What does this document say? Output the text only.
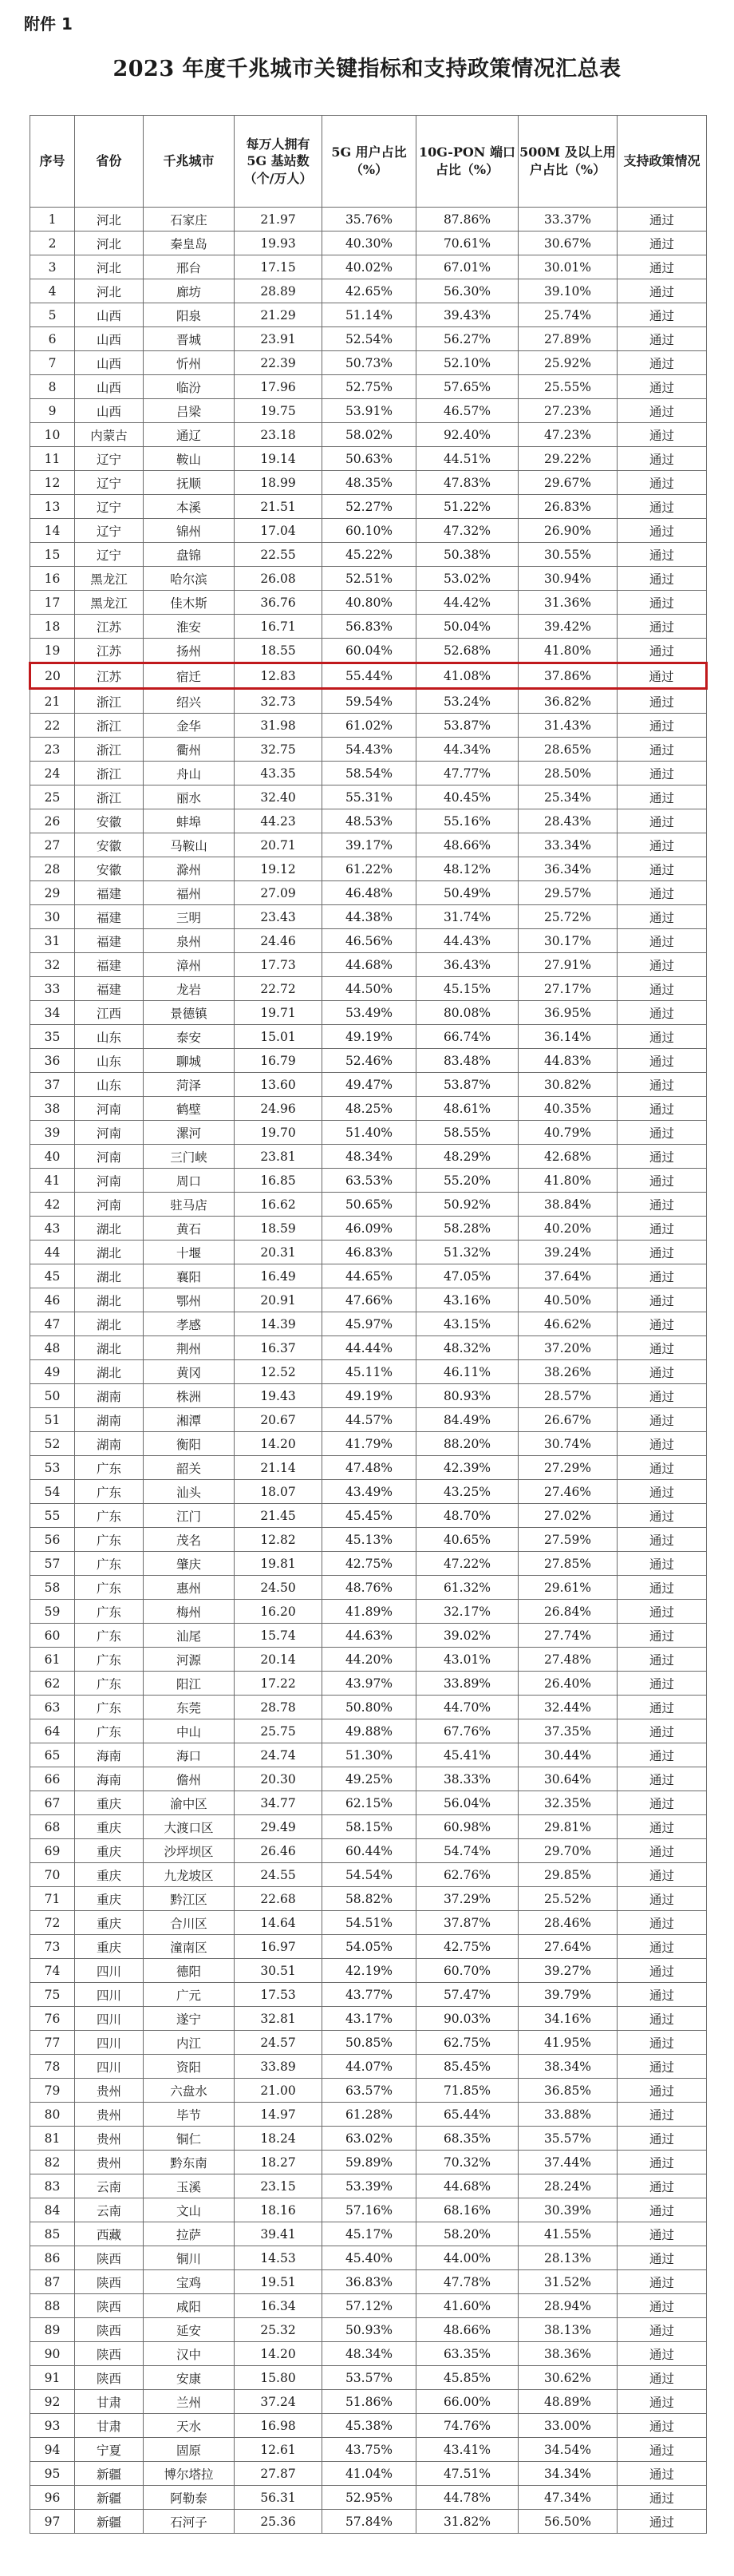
附件 1
2023 年度千兆城市关键指标和支持政策情况汇总表
序号	省份	千兆城市	每万人拥有 5G 基站数（个/万人）	5G 用户占比（%）	10G-PON 端口占比（%）	500M 及以上用户占比（%）	支持政策情况
1	河北	石家庄	21.97	35.76%	87.86%	33.37%	通过
2	河北	秦皇岛	19.93	40.30%	70.61%	30.67%	通过
3	河北	邢台	17.15	40.02%	67.01%	30.01%	通过
4	河北	廊坊	28.89	42.65%	56.30%	39.10%	通过
5	山西	阳泉	21.29	51.14%	39.43%	25.74%	通过
6	山西	晋城	23.91	52.54%	56.27%	27.89%	通过
7	山西	忻州	22.39	50.73%	52.10%	25.92%	通过
8	山西	临汾	17.96	52.75%	57.65%	25.55%	通过
9	山西	吕梁	19.75	53.91%	46.57%	27.23%	通过
10	内蒙古	通辽	23.18	58.02%	92.40%	47.23%	通过
11	辽宁	鞍山	19.14	50.63%	44.51%	29.22%	通过
12	辽宁	抚顺	18.99	48.35%	47.83%	29.67%	通过
13	辽宁	本溪	21.51	52.27%	51.22%	26.83%	通过
14	辽宁	锦州	17.04	60.10%	47.32%	26.90%	通过
15	辽宁	盘锦	22.55	45.22%	50.38%	30.55%	通过
16	黑龙江	哈尔滨	26.08	52.51%	53.02%	30.94%	通过
17	黑龙江	佳木斯	36.76	40.80%	44.42%	31.36%	通过
18	江苏	淮安	16.71	56.83%	50.04%	39.42%	通过
19	江苏	扬州	18.55	60.04%	52.68%	41.80%	通过
20	江苏	宿迁	12.83	55.44%	41.08%	37.86%	通过
21	浙江	绍兴	32.73	59.54%	53.24%	36.82%	通过
22	浙江	金华	31.98	61.02%	53.87%	31.43%	通过
23	浙江	衢州	32.75	54.43%	44.34%	28.65%	通过
24	浙江	舟山	43.35	58.54%	47.77%	28.50%	通过
25	浙江	丽水	32.40	55.31%	40.45%	25.34%	通过
26	安徽	蚌埠	44.23	48.53%	55.16%	28.43%	通过
27	安徽	马鞍山	20.71	39.17%	48.66%	33.34%	通过
28	安徽	滁州	19.12	61.22%	48.12%	36.34%	通过
29	福建	福州	27.09	46.48%	50.49%	29.57%	通过
30	福建	三明	23.43	44.38%	31.74%	25.72%	通过
31	福建	泉州	24.46	46.56%	44.43%	30.17%	通过
32	福建	漳州	17.73	44.68%	36.43%	27.91%	通过
33	福建	龙岩	22.72	44.50%	45.15%	27.17%	通过
34	江西	景德镇	19.71	53.49%	80.08%	36.95%	通过
35	山东	泰安	15.01	49.19%	66.74%	36.14%	通过
36	山东	聊城	16.79	52.46%	83.48%	44.83%	通过
37	山东	菏泽	13.60	49.47%	53.87%	30.82%	通过
38	河南	鹤壁	24.96	48.25%	48.61%	40.35%	通过
39	河南	漯河	19.70	51.40%	58.55%	40.79%	通过
40	河南	三门峡	23.81	48.34%	48.29%	42.68%	通过
41	河南	周口	16.85	63.53%	55.20%	41.80%	通过
42	河南	驻马店	16.62	50.65%	50.92%	38.84%	通过
43	湖北	黄石	18.59	46.09%	58.28%	40.20%	通过
44	湖北	十堰	20.31	46.83%	51.32%	39.24%	通过
45	湖北	襄阳	16.49	44.65%	47.05%	37.64%	通过
46	湖北	鄂州	20.91	47.66%	43.16%	40.50%	通过
47	湖北	孝感	14.39	45.97%	43.15%	46.62%	通过
48	湖北	荆州	16.37	44.44%	48.32%	37.20%	通过
49	湖北	黄冈	12.52	45.11%	46.11%	38.26%	通过
50	湖南	株洲	19.43	49.19%	80.93%	28.57%	通过
51	湖南	湘潭	20.67	44.57%	84.49%	26.67%	通过
52	湖南	衡阳	14.20	41.79%	88.20%	30.74%	通过
53	广东	韶关	21.14	47.48%	42.39%	27.29%	通过
54	广东	汕头	18.07	43.49%	43.25%	27.46%	通过
55	广东	江门	21.45	45.45%	48.70%	27.02%	通过
56	广东	茂名	12.82	45.13%	40.65%	27.59%	通过
57	广东	肇庆	19.81	42.75%	47.22%	27.85%	通过
58	广东	惠州	24.50	48.76%	61.32%	29.61%	通过
59	广东	梅州	16.20	41.89%	32.17%	26.84%	通过
60	广东	汕尾	15.74	44.63%	39.02%	27.74%	通过
61	广东	河源	20.14	44.20%	43.01%	27.48%	通过
62	广东	阳江	17.22	43.97%	33.89%	26.40%	通过
63	广东	东莞	28.78	50.80%	44.70%	32.44%	通过
64	广东	中山	25.75	49.88%	67.76%	37.35%	通过
65	海南	海口	24.74	51.30%	45.41%	30.44%	通过
66	海南	儋州	20.30	49.25%	38.33%	30.64%	通过
67	重庆	渝中区	34.77	62.15%	56.04%	32.35%	通过
68	重庆	大渡口区	29.49	58.15%	60.98%	29.81%	通过
69	重庆	沙坪坝区	26.46	60.44%	54.74%	29.70%	通过
70	重庆	九龙坡区	24.55	54.54%	62.76%	29.85%	通过
71	重庆	黔江区	22.68	58.82%	37.29%	25.52%	通过
72	重庆	合川区	14.64	54.51%	37.87%	28.46%	通过
73	重庆	潼南区	16.97	54.05%	42.75%	27.64%	通过
74	四川	德阳	30.51	42.19%	60.70%	39.27%	通过
75	四川	广元	17.53	43.77%	57.47%	39.79%	通过
76	四川	遂宁	32.81	43.17%	90.03%	34.16%	通过
77	四川	内江	24.57	50.85%	62.75%	41.95%	通过
78	四川	资阳	33.89	44.07%	85.45%	38.34%	通过
79	贵州	六盘水	21.00	63.57%	71.85%	36.85%	通过
80	贵州	毕节	14.97	61.28%	65.44%	33.88%	通过
81	贵州	铜仁	18.24	63.02%	68.35%	35.57%	通过
82	贵州	黔东南	18.27	59.89%	70.32%	37.44%	通过
83	云南	玉溪	23.15	53.39%	44.68%	28.24%	通过
84	云南	文山	18.16	57.16%	68.16%	30.39%	通过
85	西藏	拉萨	39.41	45.17%	58.20%	41.55%	通过
86	陕西	铜川	14.53	45.40%	44.00%	28.13%	通过
87	陕西	宝鸡	19.51	36.83%	47.78%	31.52%	通过
88	陕西	咸阳	16.34	57.12%	41.60%	28.94%	通过
89	陕西	延安	25.32	50.93%	48.66%	38.13%	通过
90	陕西	汉中	14.20	48.34%	63.35%	38.36%	通过
91	陕西	安康	15.80	53.57%	45.85%	30.62%	通过
92	甘肃	兰州	37.24	51.86%	66.00%	48.89%	通过
93	甘肃	天水	16.98	45.38%	74.76%	33.00%	通过
94	宁夏	固原	12.61	43.75%	43.41%	34.54%	通过
95	新疆	博尔塔拉	27.87	41.04%	47.51%	34.34%	通过
96	新疆	阿勒泰	56.31	52.95%	44.78%	47.34%	通过
97	新疆	石河子	25.36	57.84%	31.82%	56.50%	通过
